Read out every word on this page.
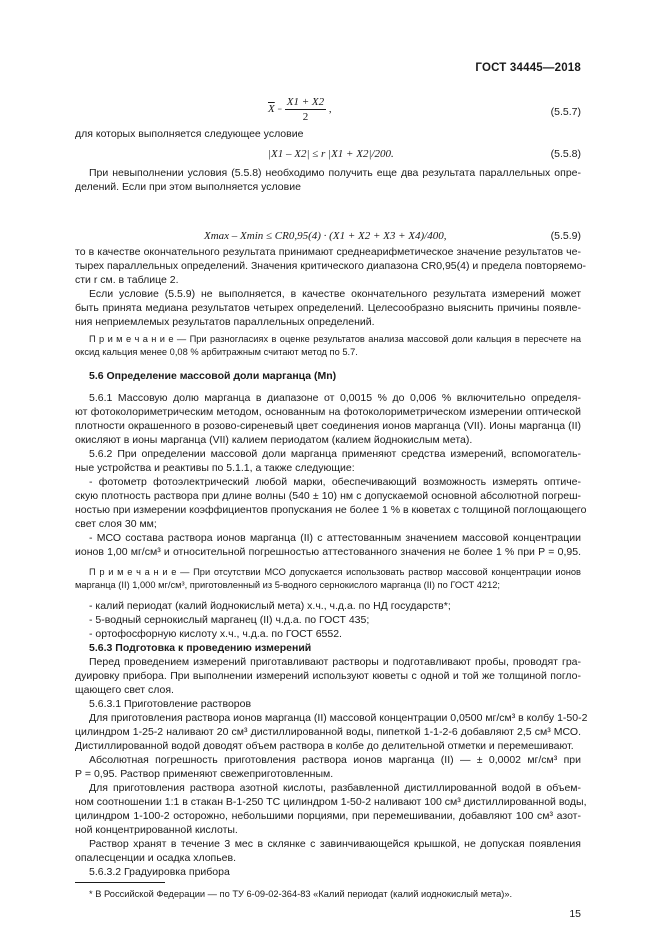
ГОСТ 34445—2018
$\overline{X} = \frac{X1 + X2}{2}$ ,	(5.5.7)
для которых выполняется следующее условие
|X1 – X2| ≤ r |X1 + X2|/200.	(5.5.8)
При невыполнении условия (5.5.8) необходимо получить еще два результата параллельных опре-
делений. Если при этом выполняется условие
Xmax – Xmin ≤ CR0,95(4) · (X1 + X2 + X3 + X4)/400,	(5.5.9)
то в качестве окончательного результата принимают среднеарифметическое значение результатов че-
тырех параллельных определений. Значения критического диапазона CR0,95(4) и предела повторяемо-
сти r см. в таблице 2.
Если условие (5.5.9) не выполняется, в качестве окончательного результата измерений может
быть принята медиана результатов четырех определений. Целесообразно выяснить причины появле-
ния неприемлемых результатов параллельных определений.
П р и м е ч а н и е — При разногласиях в оценке результатов анализа массовой доли кальция в пересчете на
оксид кальция менее 0,08 % арбитражным считают метод по 5.7.
5.6 Определение массовой доли марганца (Mn)
5.6.1 Массовую долю марганца в диапазоне от 0,0015 % до 0,006 % включительно определя-
ют фотоколориметрическим методом, основанным на фотоколориметрическом измерении оптической
плотности окрашенного в розово-сиреневый цвет соединения ионов марганца (VII). Ионы марганца (II)
окисляют в ионы марганца (VII) калием периодатом (калием йоднокислым мета).
5.6.2 При определении массовой доли марганца применяют средства измерений, вспомогатель-
ные устройства и реактивы по 5.1.1, а также следующие:
- фотометр фотоэлектрический любой марки, обеспечивающий возможность измерять оптиче-
скую плотность раствора при длине волны (540 ± 10) нм с допускаемой основной абсолютной погреш-
ностью при измерении коэффициентов пропускания не более 1 % в кюветах с толщиной поглощающего
свет слоя 30 мм;
- МСО состава раствора ионов марганца (II) с аттестованным значением массовой концентрации
ионов 1,00 мг/см³ и относительной погрешностью аттестованного значения не более 1 % при Р = 0,95.
П р и м е ч а н и е — При отсутствии МСО допускается использовать раствор массовой концентрации ионов
марганца (II) 1,000 мг/см³, приготовленный из 5-водного сернокислого марганца (II) по ГОСТ 4212;
- калий периодат (калий йоднокислый мета) х.ч., ч.д.а. по НД государств*;
- 5-водный сернокислый марганец (II) ч.д.а. по ГОСТ 435;
- ортофосфорную кислоту х.ч., ч.д.а. по ГОСТ 6552.
5.6.3 Подготовка к проведению измерений
Перед проведением измерений приготавливают растворы и подготавливают пробы, проводят гра-
дуировку прибора. При выполнении измерений используют кюветы с одной и той же толщиной погло-
щающего свет слоя.
5.6.3.1 Приготовление растворов
Для приготовления раствора ионов марганца (II) массовой концентрации 0,0500 мг/см³ в колбу 1-50-2
цилиндром 1-25-2 наливают 20 см³ дистиллированной воды, пипеткой 1-1-2-6 добавляют 2,5 см³ МСО.
Дистиллированной водой доводят объем раствора в колбе до делительной отметки и перемешивают.
Абсолютная погрешность приготовления раствора ионов марганца (II) — ± 0,0002 мг/см³ при
Р = 0,95. Раствор применяют свежеприготовленным.
Для приготовления раствора азотной кислоты, разбавленной дистиллированной водой в объем-
ном соотношении 1:1 в стакан В-1-250 ТС цилиндром 1-50-2 наливают 100 см³ дистиллированной воды,
цилиндром 1-100-2 осторожно, небольшими порциями, при перемешивании, добавляют 100 см³ азот-
ной концентрированной кислоты.
Раствор хранят в течение 3 мес в склянке с завинчивающейся крышкой, не допуская появления
опалесценции и осадка хлопьев.
5.6.3.2 Градуировка прибора
* В Российской Федерации — по ТУ 6-09-02-364-83 «Калий периодат (калий иоднокислый мета)».
15
